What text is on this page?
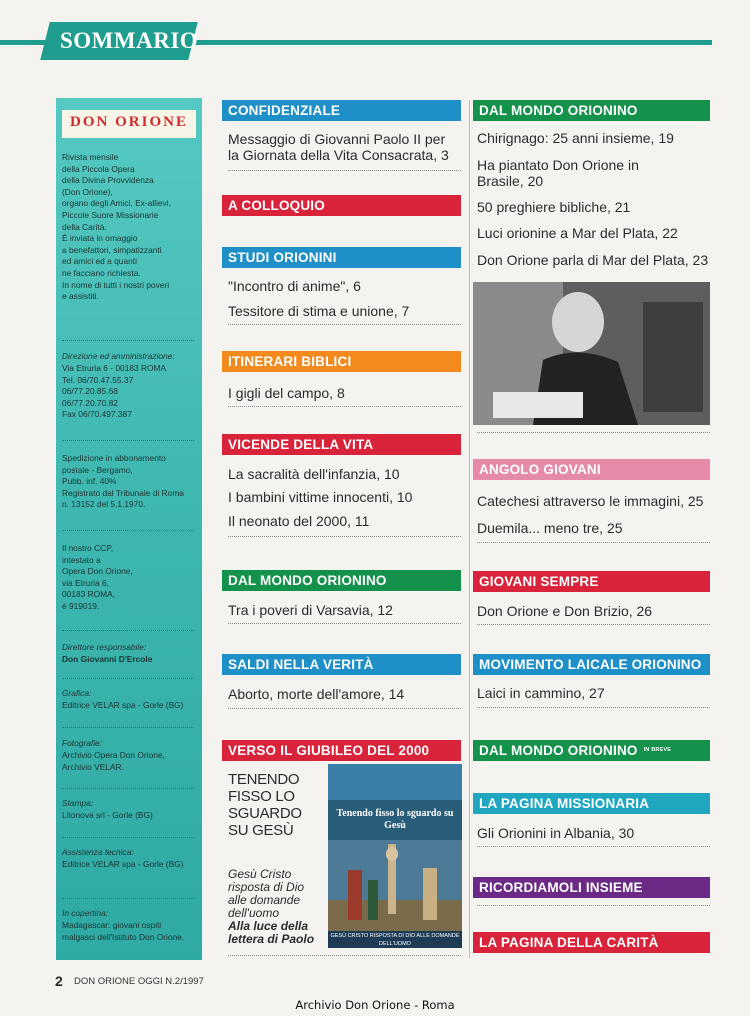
SOMMARIO
DON ORIONE
Rivista mensile
della Piccola Opera
della Divina Provvidenza
(Don Orione),
organo degli Amici, Ex-allievi,
Piccole Suore Missionarie
della Carità.
È inviata in omaggio
a benefattori, simpatizzanti
ed amici ed a quanti
ne facciano richiesta.
In nome di tutti i nostri poveri
e assistiti.
Direzione ed amministrazione:
Via Etruria 6 - 00183 ROMA
Tel. 06/70.47.55.37
06/77.20.85.68
06/77.20.70.82
Fax 06/70.497.387
Spedizione in abbonamento
postale - Bergamo,
Pubb. inf. 40%
Registrato dal Tribunale di Roma
n. 13152 del 5.1.1970.
Il nostro CCP,
intestato a
Opera Don Orione,
via Etruria 6,
00183 ROMA,
è 919019.
Direttore responsabile:
Don Giovanni D'Ercole
Grafica:
Editrice VELAR spa - Gorle (BG)
Fotografie:
Archivio Opera Don Orione,
Archivio VELAR.
Stampa:
Litonova srl - Gorle (BG)
Assistenza tecnica:
Editrice VELAR spa - Gorle (BG)
In copertina:
Madagascar: giovani ospiti
malgasci dell'Istituto Don Orione.
CONFIDENZIALE
Messaggio di Giovanni Paolo II per
la Giornata della Vita Consacrata, 3
A COLLOQUIO
STUDI ORIONINI
"Incontro di anime", 6
Tessitore di stima e unione, 7
ITINERARI BIBLICI
I gigli del campo, 8
VICENDE DELLA VITA
La sacralità dell'infanzia, 10
I bambini vittime innocenti, 10
Il neonato del 2000, 11
DAL MONDO ORIONINO
Tra i poveri di Varsavia, 12
SALDI NELLA VERITÀ
Aborto, morte dell'amore, 14
VERSO IL GIUBILEO DEL 2000
TENENDO
FISSO LO
SGUARDO
SU GESÙ
Gesù Cristo
risposta di Dio
alle domande
dell'uomo
Alla luce della
lettera di Paolo
Tenendo fisso lo sguardo su Gesù
GESÙ CRISTO RISPOSTA DI DIO ALLE DOMANDE DELL'UOMO
DAL MONDO ORIONINO
Chirignago: 25 anni insieme, 19
Ha piantato Don Orione in
Brasile, 20
50 preghiere bibliche, 21
Luci orionine a Mar del Plata, 22
Don Orione parla di Mar del Plata, 23
ANGOLO GIOVANI
Catechesi attraverso le immagini, 25
Duemila... meno tre, 25
GIOVANI SEMPRE
Don Orione e Don Brizio, 26
MOVIMENTO LAICALE ORIONINO
Laici in cammino, 27
DAL MONDO ORIONINO IN BREVE
LA PAGINA MISSIONARIA
Gli Orionini in Albania, 30
RICORDIAMOLI INSIEME
LA PAGINA DELLA CARITÀ
2 DON ORIONE OGGI N.2/1997
Archivio Don Orione - Roma
